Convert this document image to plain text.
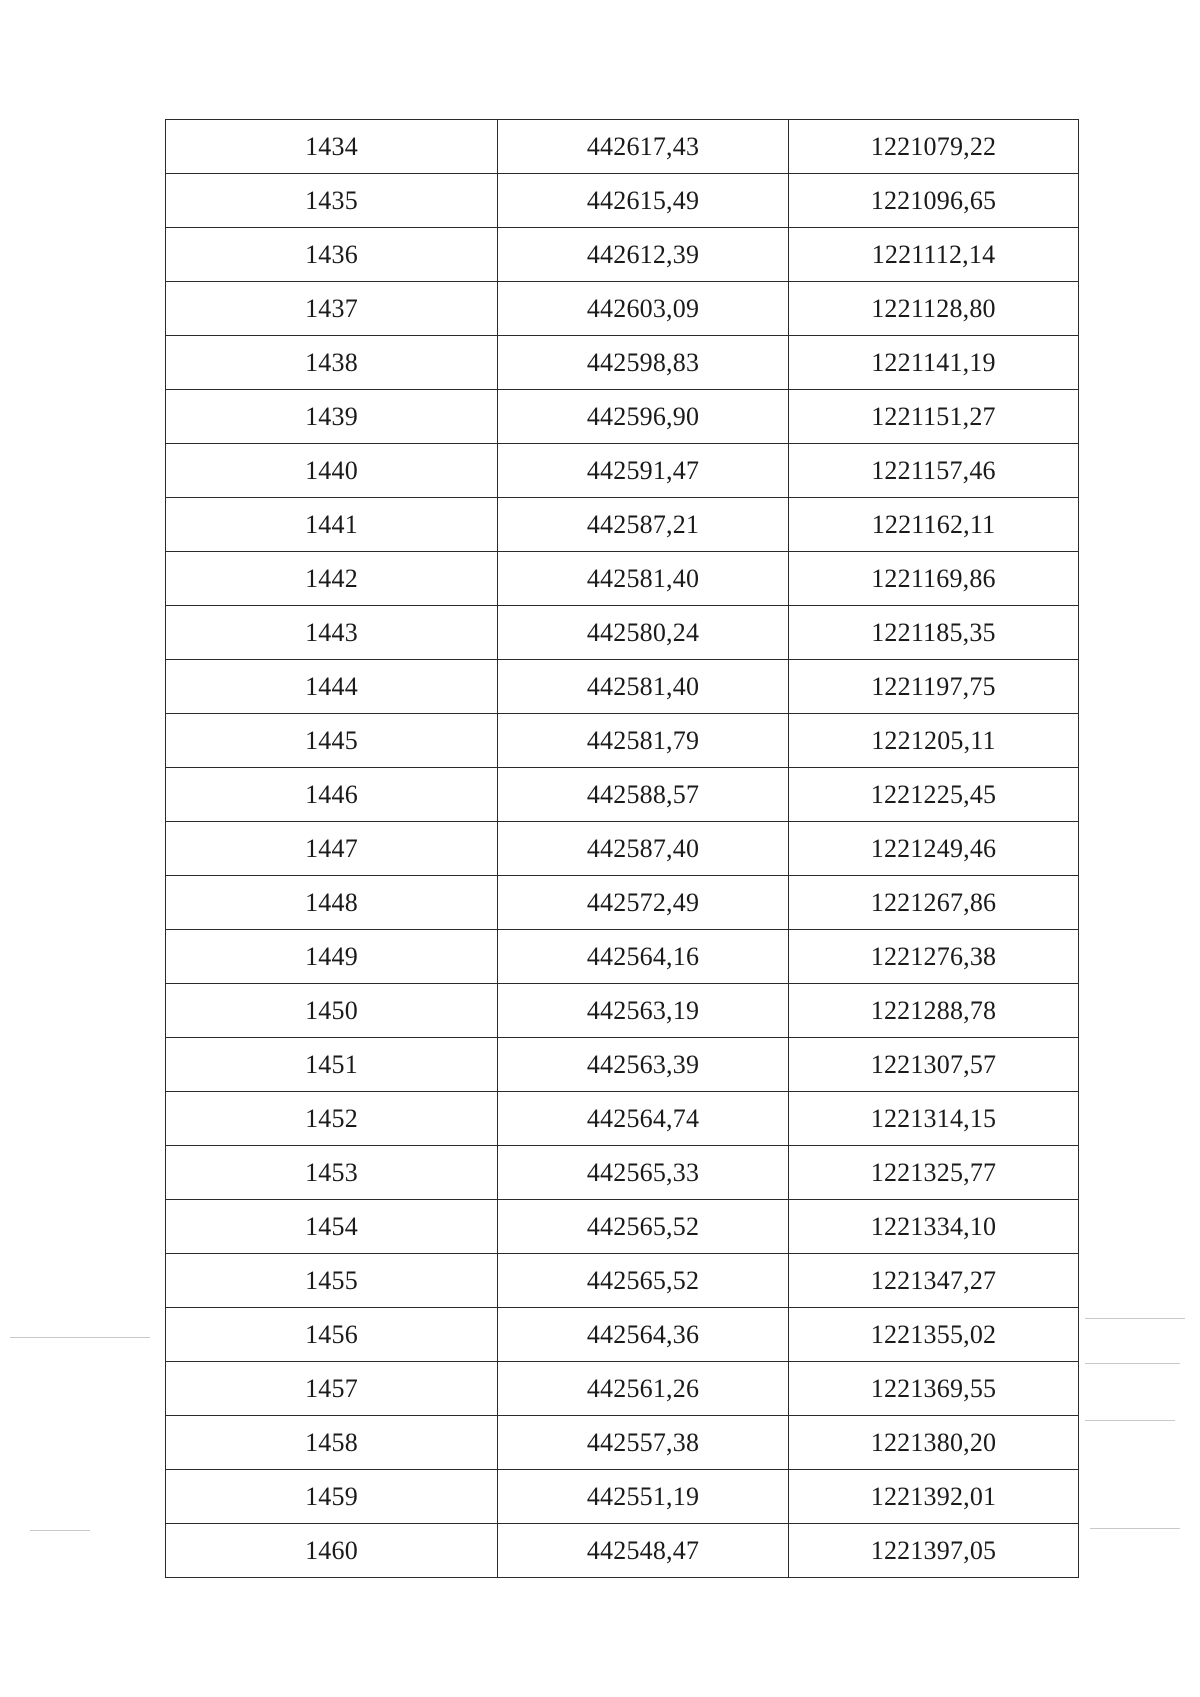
1434	442617,43	1221079,22
1435	442615,49	1221096,65
1436	442612,39	1221112,14
1437	442603,09	1221128,80
1438	442598,83	1221141,19
1439	442596,90	1221151,27
1440	442591,47	1221157,46
1441	442587,21	1221162,11
1442	442581,40	1221169,86
1443	442580,24	1221185,35
1444	442581,40	1221197,75
1445	442581,79	1221205,11
1446	442588,57	1221225,45
1447	442587,40	1221249,46
1448	442572,49	1221267,86
1449	442564,16	1221276,38
1450	442563,19	1221288,78
1451	442563,39	1221307,57
1452	442564,74	1221314,15
1453	442565,33	1221325,77
1454	442565,52	1221334,10
1455	442565,52	1221347,27
1456	442564,36	1221355,02
1457	442561,26	1221369,55
1458	442557,38	1221380,20
1459	442551,19	1221392,01
1460	442548,47	1221397,05
